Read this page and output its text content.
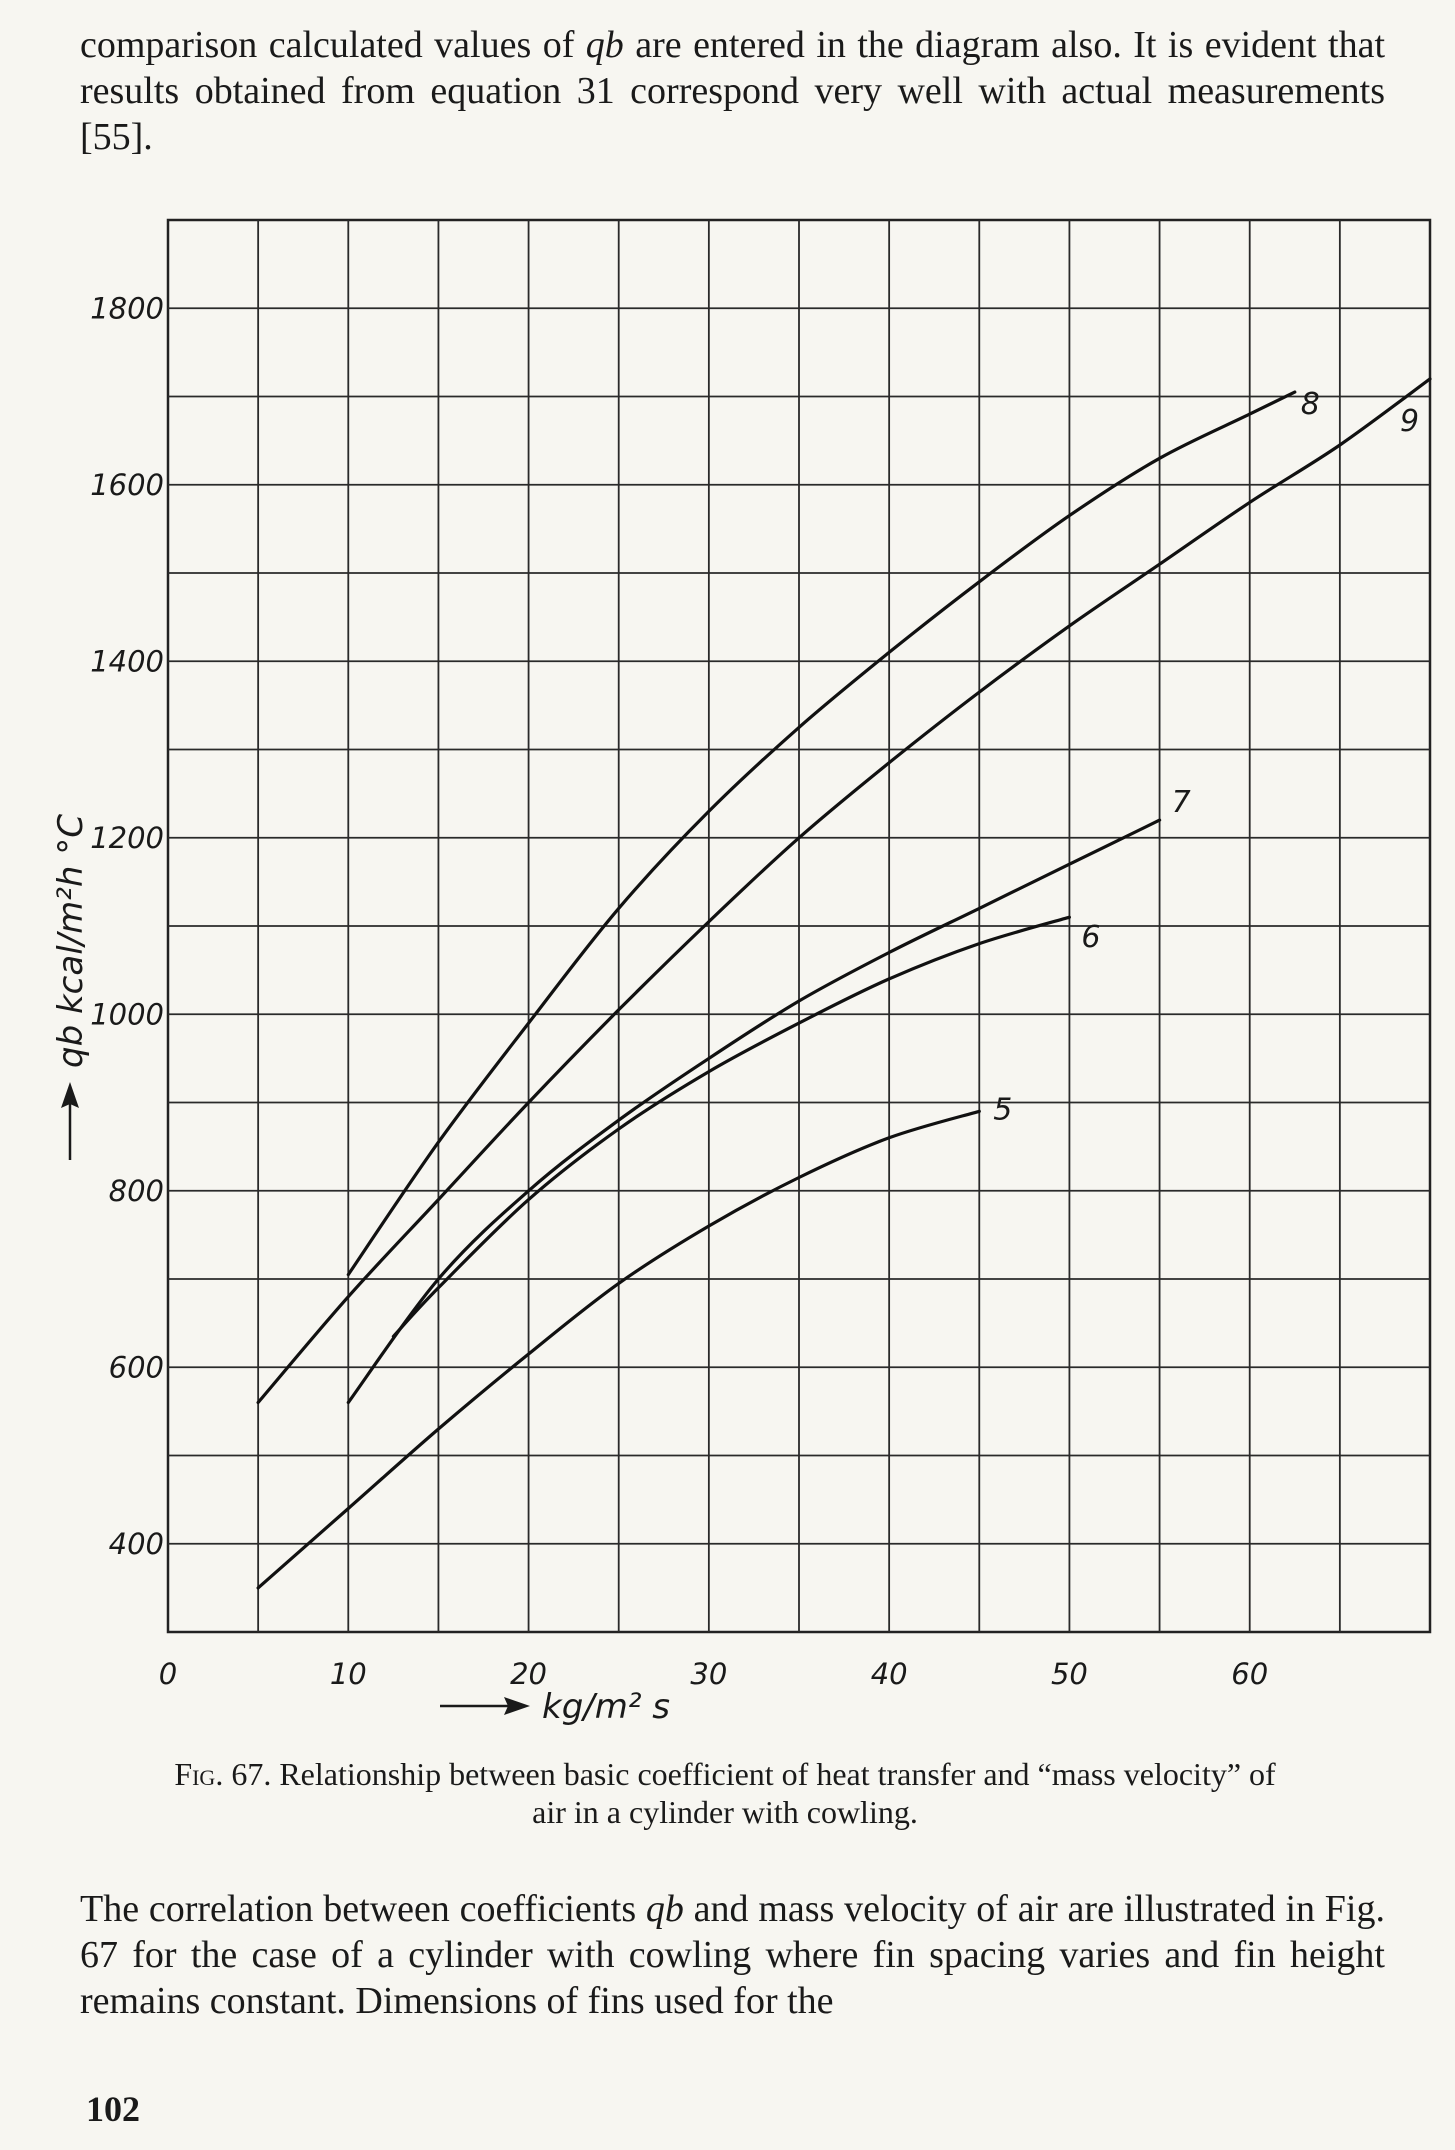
comparison calculated values of qb are entered in the diagram also. It is evident that results obtained from equation 31 correspond very well with actual measurements [55].

400
600
800
1000
1200
1400
1600
1800
0	10	20	30	40	50	60
kg/m² s
qb kcal/m²h °C
5
6
7
8	9

Fig. 67. Relationship between basic coefficient of heat transfer and “mass velocity” of air in a cylinder with cowling.

The correlation between coefficients qb and mass velocity of air are illustrated in Fig. 67 for the case of a cylinder with cowling where fin spacing varies and fin height remains constant. Dimensions of fins used for the

102
